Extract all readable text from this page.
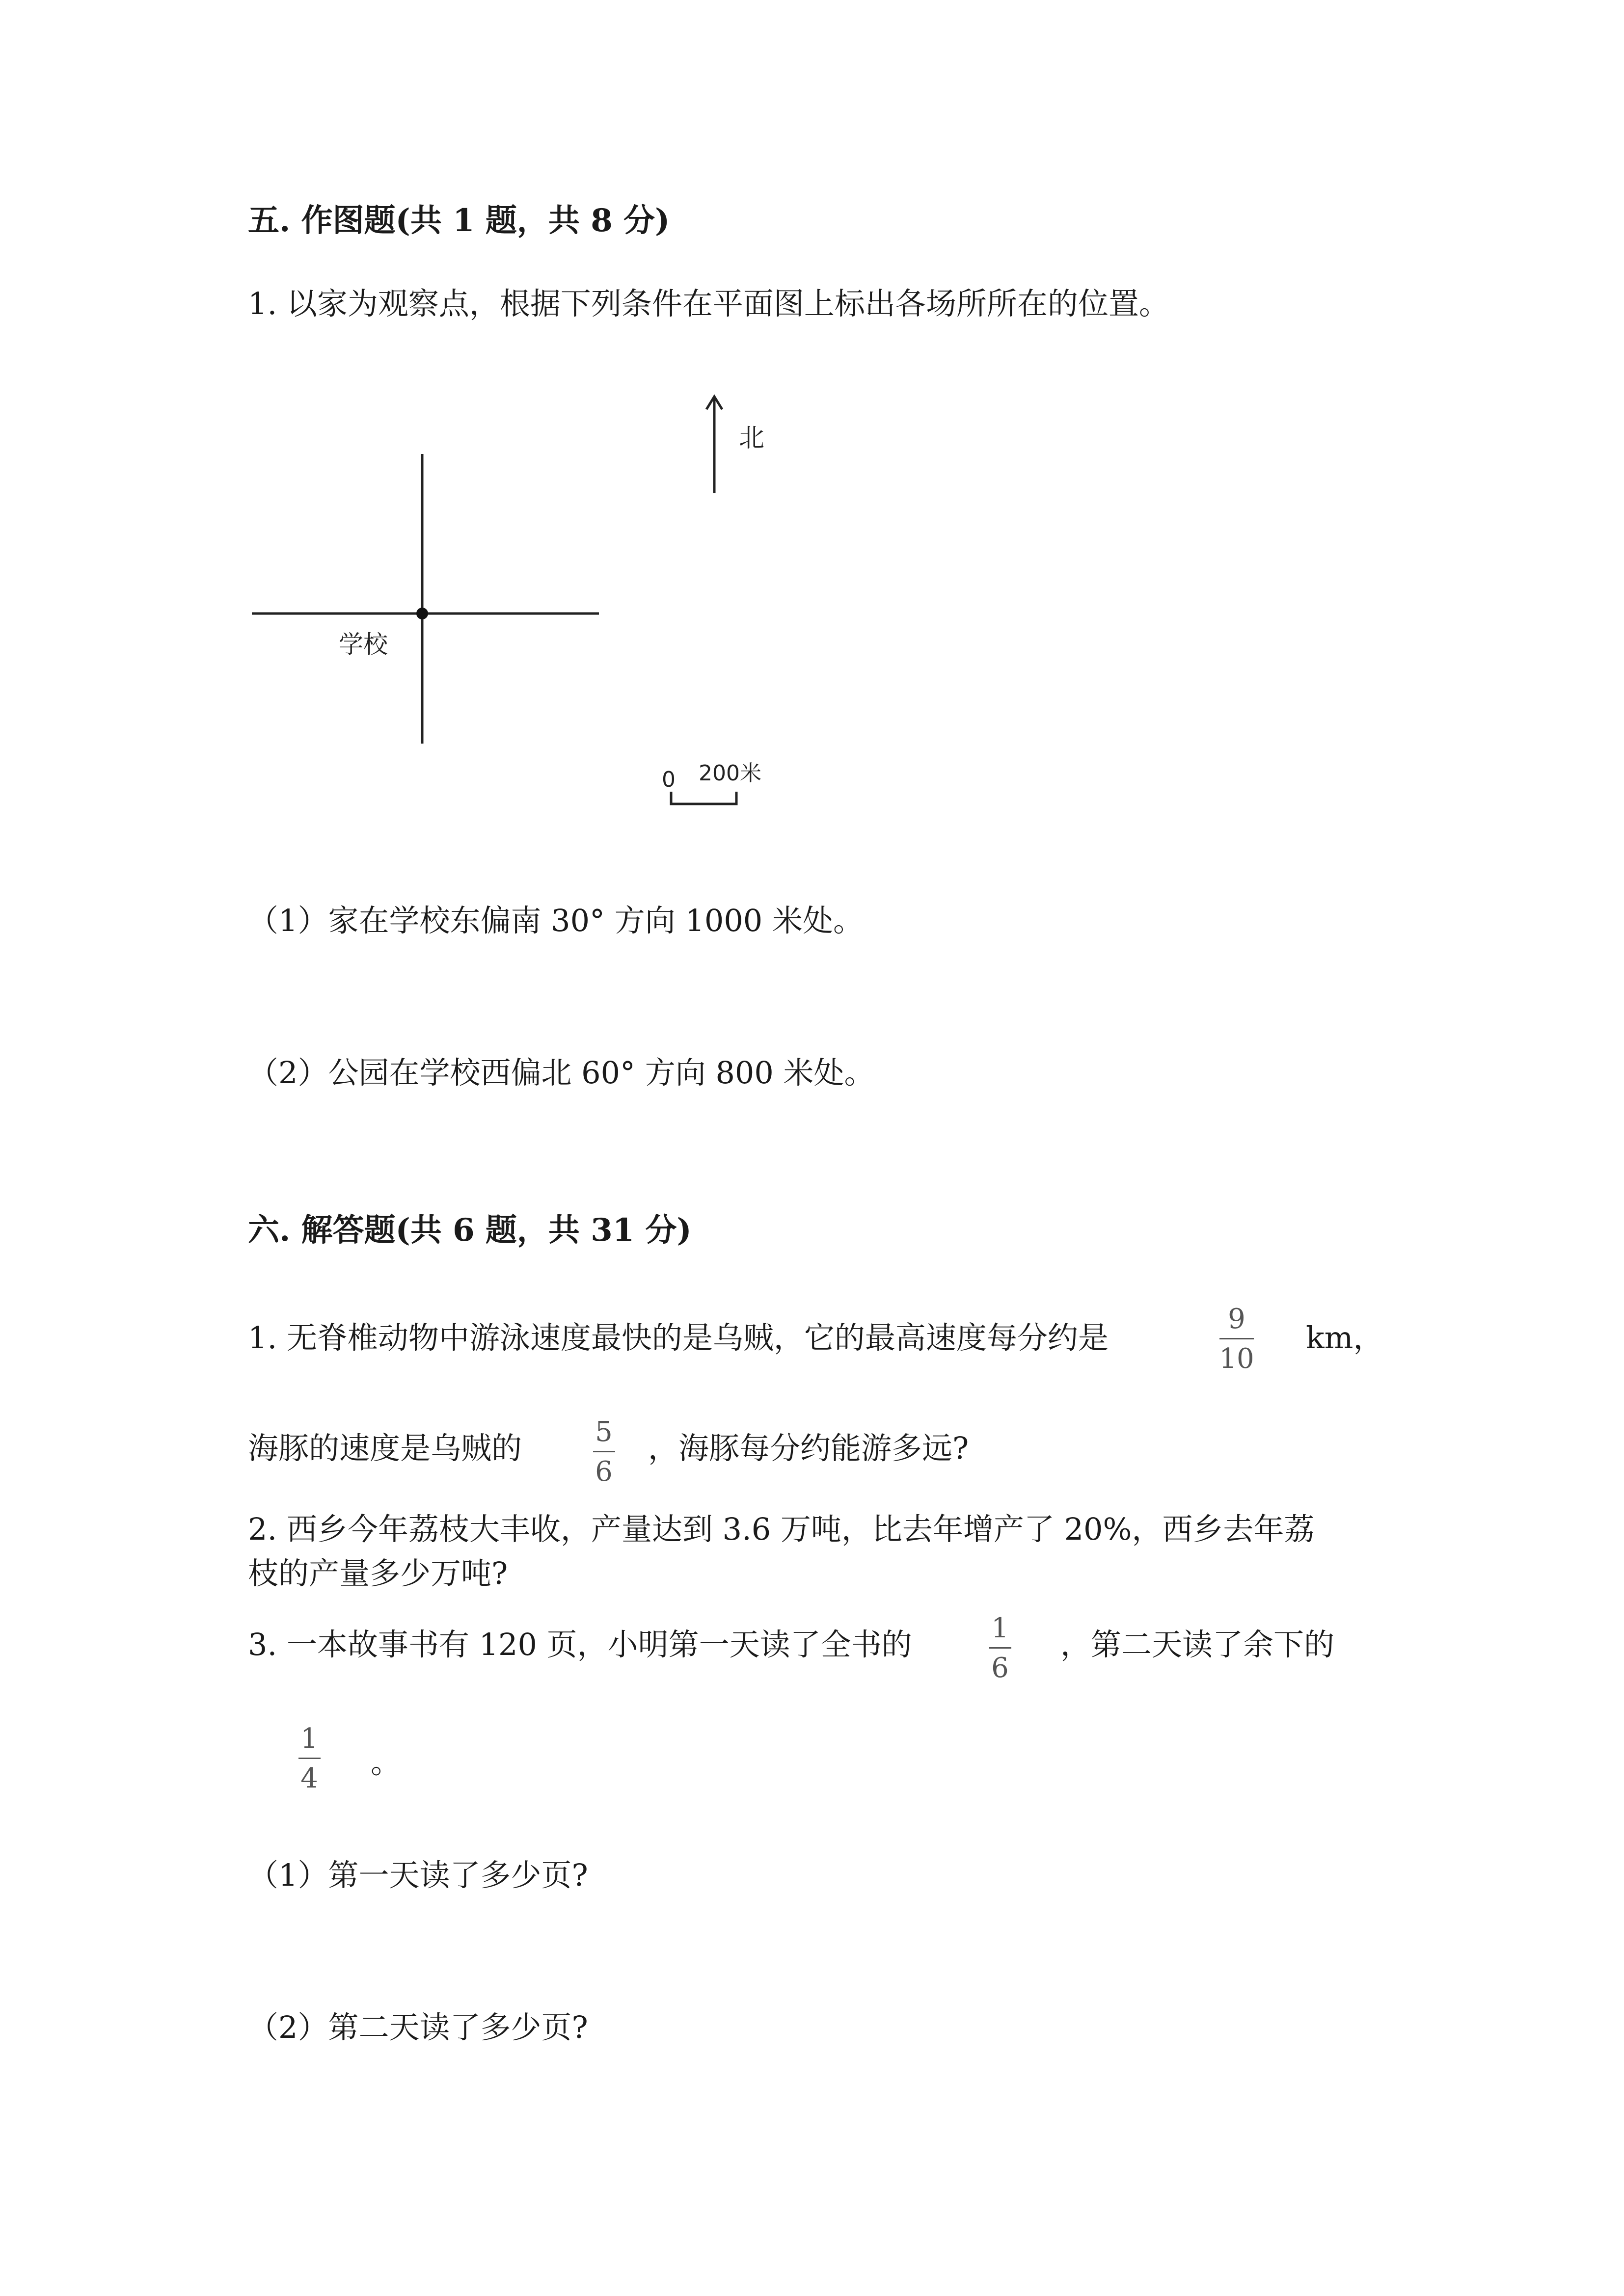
五. 作图题(共 1 题，共 8 分)
1. 以家为观察点，根据下列条件在平面图上标出各场所所在的位置。
北
学校
0 200米
（1）家在学校东偏南 30° 方向 1000 米处。
（2）公园在学校西偏北 60° 方向 800 米处。
六. 解答题(共 6 题，共 31 分)
1. 无脊椎动物中游泳速度最快的是乌贼，它的最高速度每分约是
9
10
km，
海豚的速度是乌贼的	5
6
，海豚每分约能游多远?
2. 西乡今年荔枝大丰收，产量达到 3.6 万吨，比去年增产了 20%，西乡去年荔
枝的产量多少万吨?
3. 一本故事书有 120 页，小明第一天读了全书的	1
6
，第二天读了余下的
1
4	。
（1）第一天读了多少页?
（2）第二天读了多少页?
